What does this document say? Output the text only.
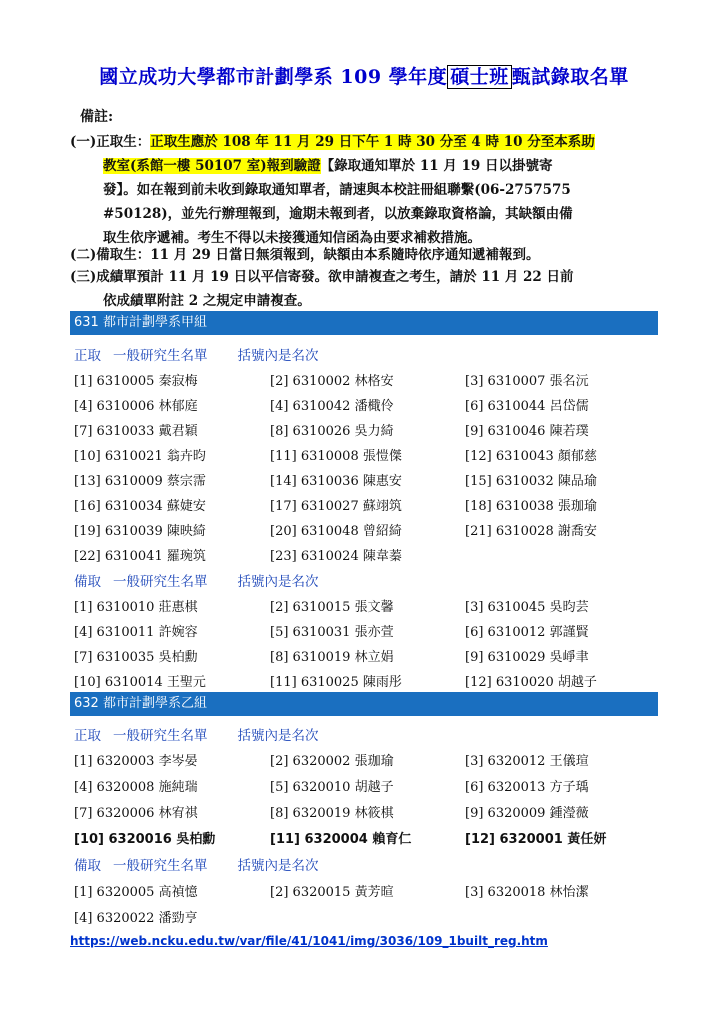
國立成功大學都市計劃學系 109 學年度 碩士班 甄試錄取名單
備註:
(一)正取生：正取生應於 108 年 11 月 29 日下午 1 時 30 分至 4 時 10 分至本系助
教室(系館一樓 50107 室)報到驗證【錄取通知單於 11 月 19 日以掛號寄
發】。如在報到前未收到錄取通知單者，請速與本校註冊組聯繫(06-2757575
#50128)，並先行辦理報到，逾期未報到者，以放棄錄取資格論，其缺額由備
取生依序遞補。考生不得以未接獲通知信函為由要求補救措施。
(二)備取生：11 月 29 日當日無須報到，缺額由本系隨時依序通知遞補報到。
(三)成績單預計 11 月 19 日以平信寄發。欲申請複查之考生，請於 11 月 22 日前
依成績單附註 2 之規定申請複查。
631 都市計劃學系甲組
正取 一般研究生名單 括號內是名次
[1] 6310005 秦寂梅	[2] 6310002 林格安	[3] 6310007 張名沅
[4] 6310006 林郁庭	[4] 6310042 潘檝伶	[6] 6310044 呂岱儒
[7] 6310033 戴君穎	[8] 6310026 吳力綺	[9] 6310046 陳若璞
[10] 6310021 翁卉昀	[11] 6310008 張愷傑	[12] 6310043 顏郁慈
[13] 6310009 蔡宗霈	[14] 6310036 陳惠安	[15] 6310032 陳品瑜
[16] 6310034 蘇婕安	[17] 6310027 蘇翊筑	[18] 6310038 張珈瑜
[19] 6310039 陳映綺	[20] 6310048 曾紹綺	[21] 6310028 謝喬安
[22] 6310041 羅琬筑	[23] 6310024 陳韋蓁
備取 一般研究生名單 括號內是名次
[1] 6310010 莊惠棋	[2] 6310015 張文馨	[3] 6310045 吳昀芸
[4] 6310011 許婉容	[5] 6310031 張亦萱	[6] 6310012 郭謹賢
[7] 6310035 吳柏勳	[8] 6310019 林立娟	[9] 6310029 吳崢聿
[10] 6310014 王聖元	[11] 6310025 陳雨彤	[12] 6310020 胡越子
632 都市計劃學系乙組
正取 一般研究生名單 括號內是名次
[1] 6320003 李岑晏	[2] 6320002 張珈瑜	[3] 6320012 王儀瑄
[4] 6320008 施純瑞	[5] 6320010 胡越子	[6] 6320013 方子瑀
[7] 6320006 林宥祺	[8] 6320019 林筱棋	[9] 6320009 鍾瀅薇
[10] 6320016 吳柏勳	[11] 6320004 賴育仁	[12] 6320001 黃任妍
備取 一般研究生名單 括號內是名次
[1] 6320005 高禎憶	[2] 6320015 黃芳暄	[3] 6320018 林怡潔
[4] 6320022 潘勁亨
https://web.ncku.edu.tw/var/file/41/1041/img/3036/109_1built_reg.htm
